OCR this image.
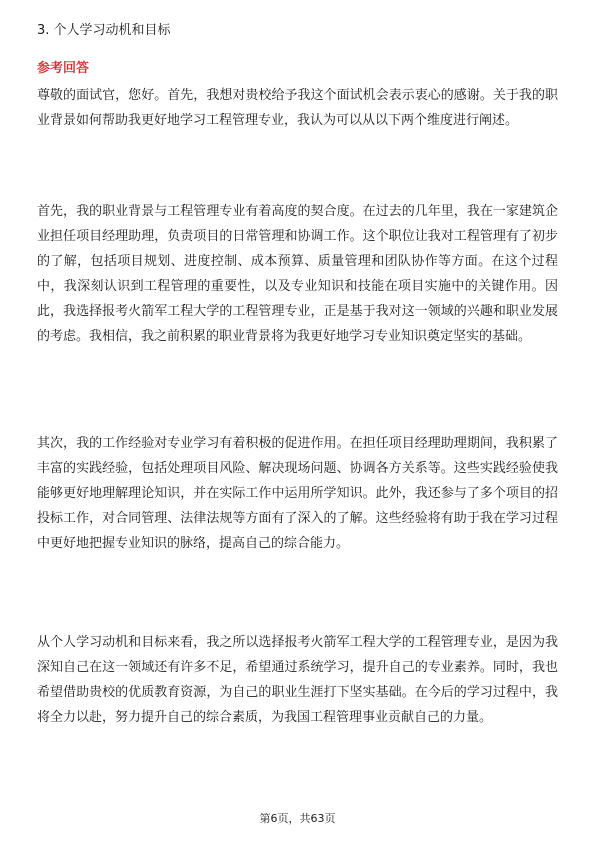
3. 个人学习动机和目标
参考回答

尊敬的面试官，您好。首先，我想对贵校给予我这个面试机会表示衷心的感谢。关于我的职业背景如何帮助我更好地学习工程管理专业，我认为可以从以下两个维度进行阐述。

首先，我的职业背景与工程管理专业有着高度的契合度。在过去的几年里，我在一家建筑企业担任项目经理助理，负责项目的日常管理和协调工作。这个职位让我对工程管理有了初步的了解，包括项目规划、进度控制、成本预算、质量管理和团队协作等方面。在这个过程中，我深刻认识到工程管理的重要性，以及专业知识和技能在项目实施中的关键作用。因此，我选择报考火箭军工程大学的工程管理专业，正是基于我对这一领域的兴趣和职业发展的考虑。我相信，我之前积累的职业背景将为我更好地学习专业知识奠定坚实的基础。

其次，我的工作经验对专业学习有着积极的促进作用。在担任项目经理助理期间，我积累了丰富的实践经验，包括处理项目风险、解决现场问题、协调各方关系等。这些实践经验使我能够更好地理解理论知识，并在实际工作中运用所学知识。此外，我还参与了多个项目的招投标工作，对合同管理、法律法规等方面有了深入的了解。这些经验将有助于我在学习过程中更好地把握专业知识的脉络，提高自己的综合能力。

从个人学习动机和目标来看，我之所以选择报考火箭军工程大学的工程管理专业，是因为我深知自己在这一领域还有许多不足，希望通过系统学习，提升自己的专业素养。同时，我也希望借助贵校的优质教育资源，为自己的职业生涯打下坚实基础。在今后的学习过程中，我将全力以赴，努力提升自己的综合素质，为我国工程管理事业贡献自己的力量。

第6页，共63页
